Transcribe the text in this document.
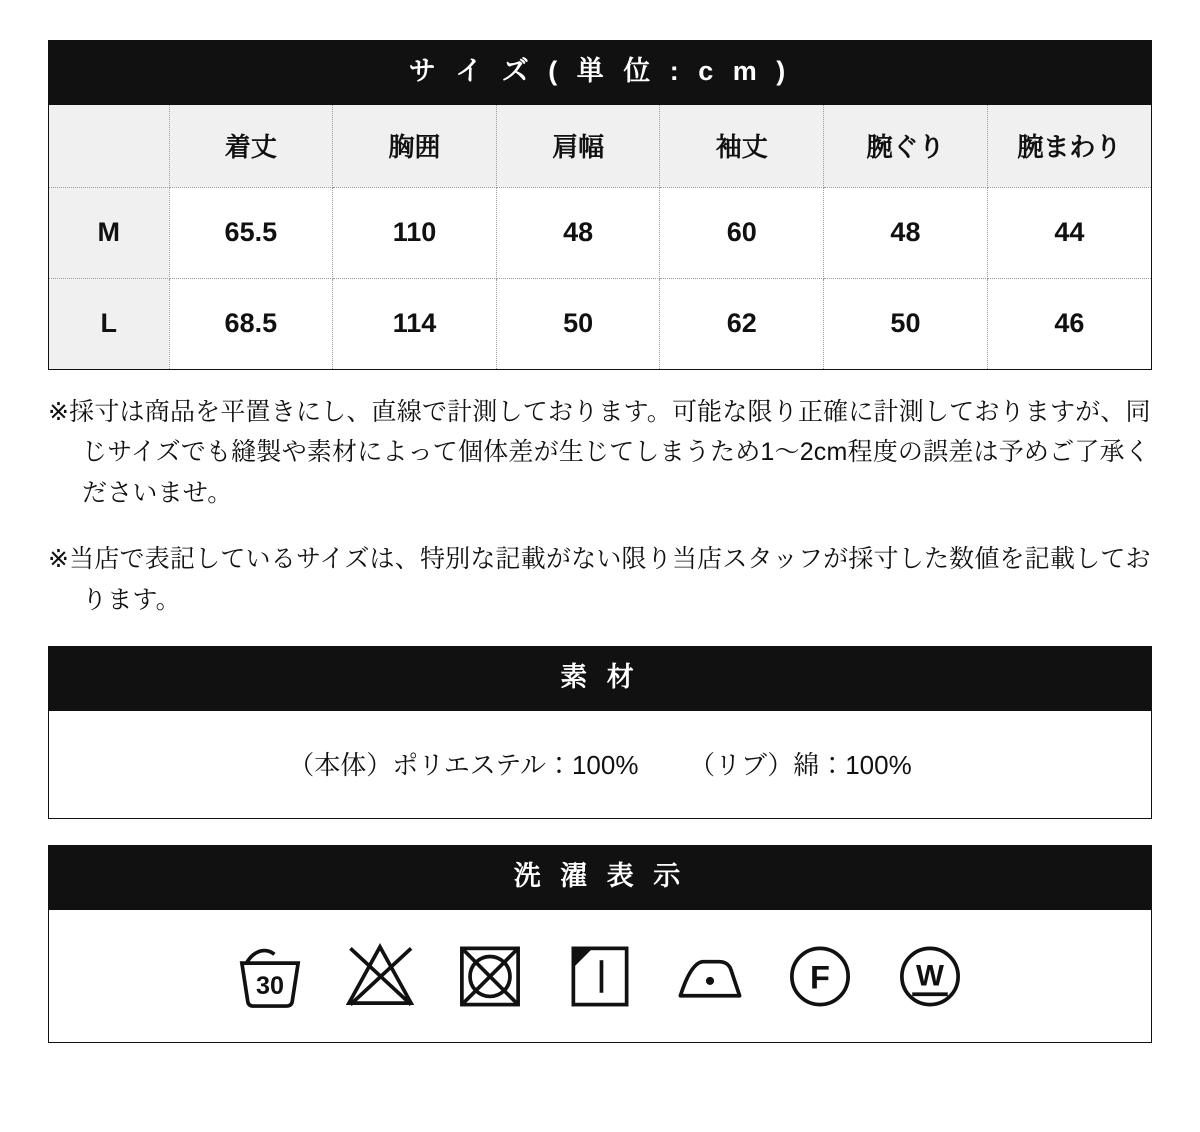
サ イ ズ ( 単 位 : c m )
	着丈	胸囲	肩幅	袖丈	腕ぐり	腕まわり
M	65.5	110	48	60	48	44
L	68.5	114	50	62	50	46

※採寸は商品を平置きにし、直線で計測しております。可能な限り正確に計測しておりますが、同じサイズでも縫製や素材によって個体差が生じてしまうため1〜2cm程度の誤差は予めご了承くださいませ。

※当店で表記しているサイズは、特別な記載がない限り当店スタッフが採寸した数値を記載しております。

素 材
（本体）ポリエステル：100% （リブ）綿：100%
洗 濯 表 示
30	F W
